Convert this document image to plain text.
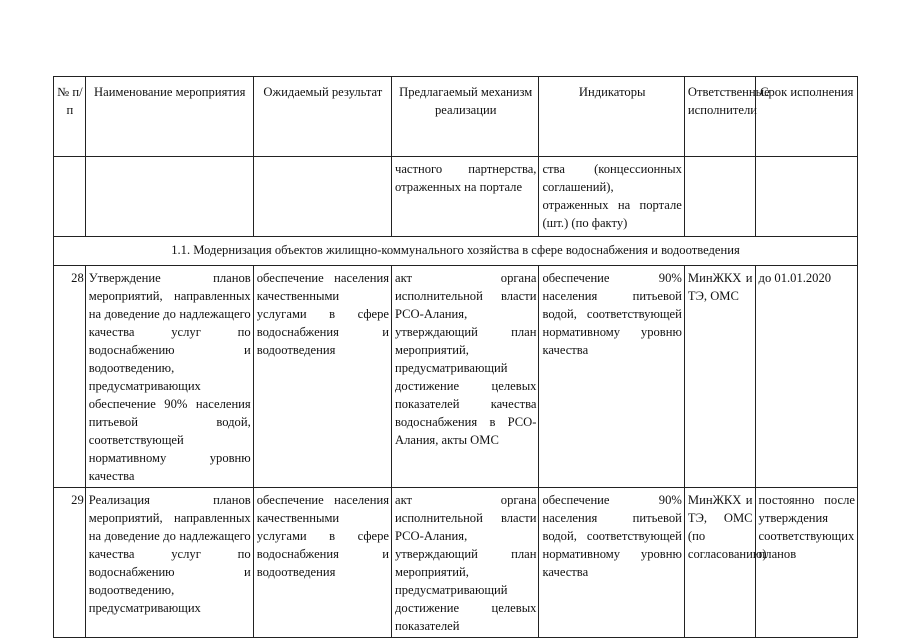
№ п/п	Наименование мероприятия	Ожидаемый результат	Предлагаемый механизм реализации	Индикаторы	Ответственные исполнители	Срок исполнения
			частного партнерства, отраженных на портале	ства (концессионных соглашений), отраженных на портале (шт.) (по факту)		
1.1. Модернизация объектов жилищно-коммунального хозяйства в сфере водоснабжения и водоотведения						
28	Утверждение планов мероприятий, направленных на доведение до надлежащего качества услуг по водоснабжению и водоотведению, предусматривающих обеспечение 90% населения питьевой водой, соответствующей нормативному уровню качества	обеспечение населения качественными услугами в сфере водоснабжения и водоотведения	акт органа исполнительной власти РСО-Алания, утверждающий план мероприятий, предусматривающий достижение целевых показателей качества водоснабжения в РСО-Алания, акты ОМС	обеспечение 90% населения питьевой водой, соответствующей нормативному уровню качества	МинЖКХ и ТЭ, ОМС	до 01.01.2020
29	Реализация планов мероприятий, направленных на доведение до надлежащего качества услуг по водоснабжению и водоотведению, предусматривающих	обеспечение населения качественными услугами в сфере водоснабжения и водоотведения	акт органа исполнительной власти РСО-Алания, утверждающий план мероприятий, предусматривающий достижение целевых показателей	обеспечение 90% населения питьевой водой, соответствующей нормативному уровню качества	МинЖКХ и ТЭ, ОМС (по согласованию)	постоянно после утверждения соответствующих планов
